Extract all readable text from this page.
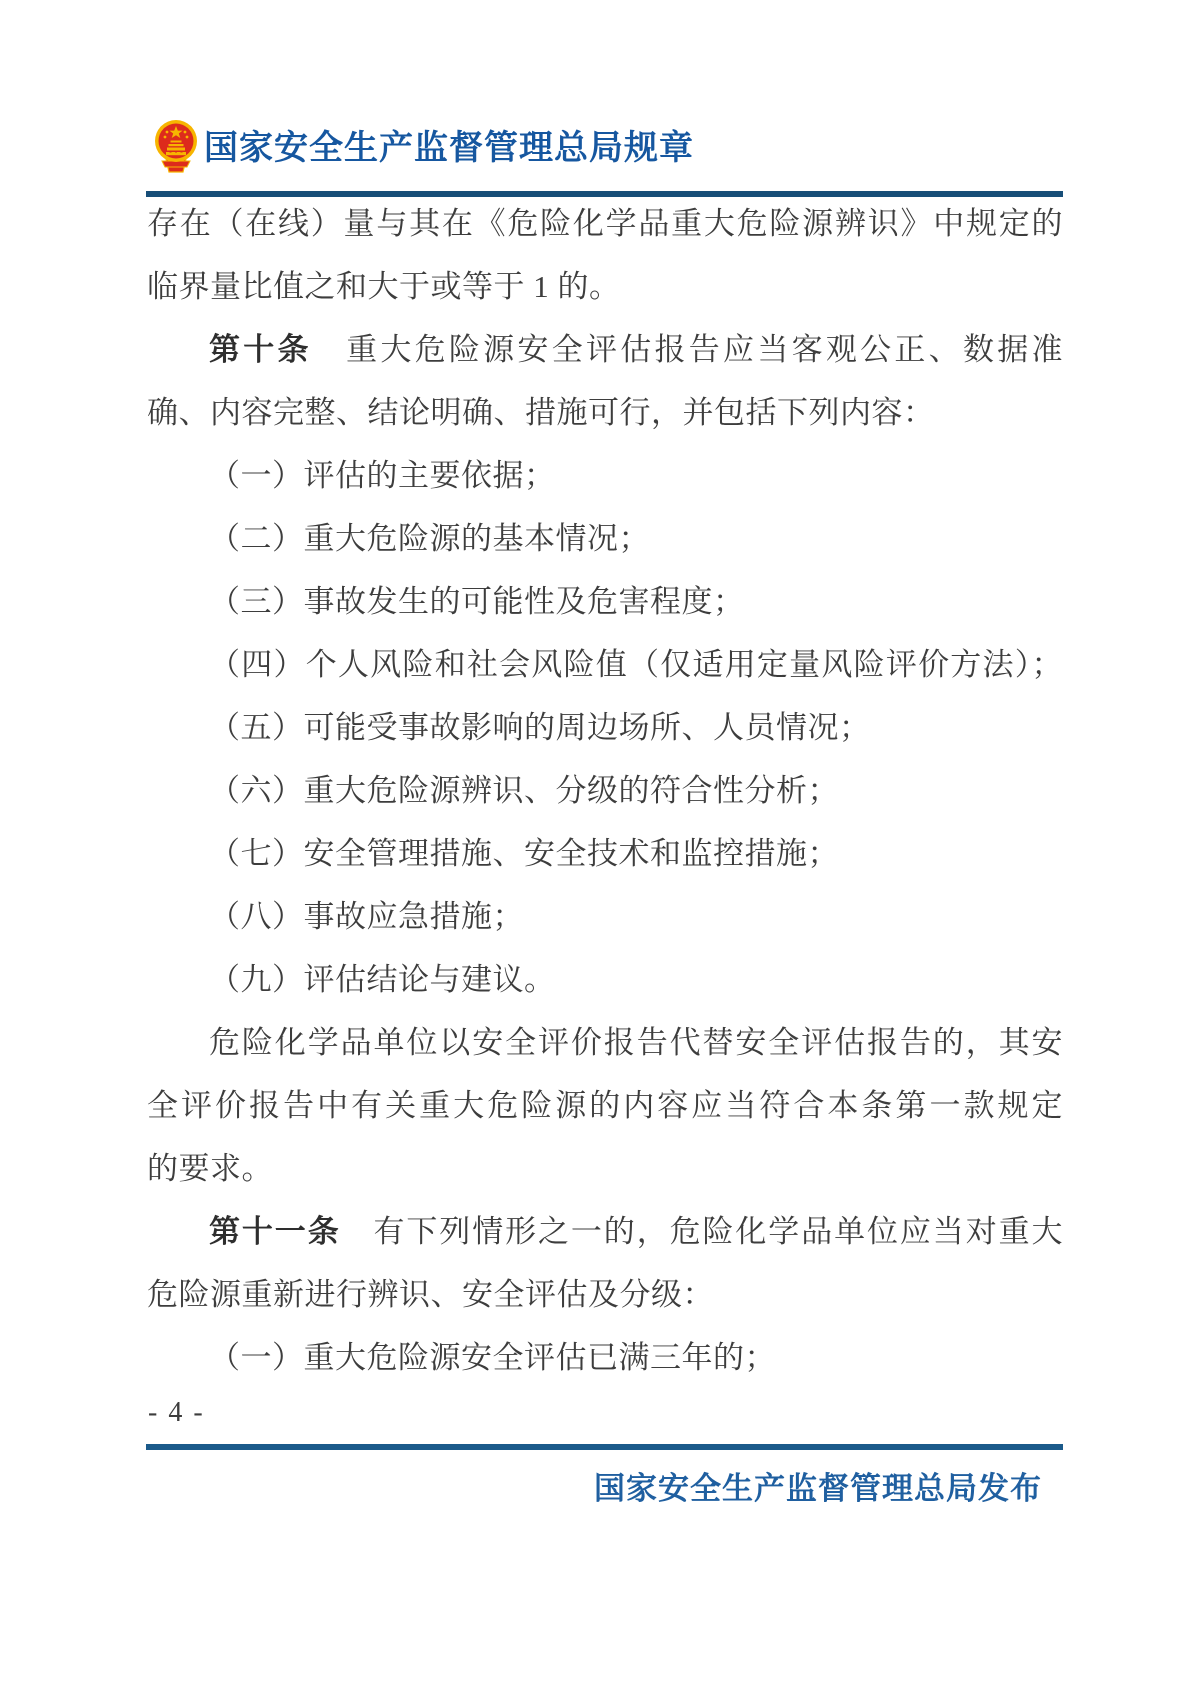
国家安全生产监督管理总局规章
存在（在线）量与其在《危险化学品重大危险源辨识》中规定的
临界量比值之和大于或等于 1 的。
第十条　重大危险源安全评估报告应当客观公正、数据准
确、内容完整、结论明确、措施可行，并包括下列内容：
（一）评估的主要依据；
（二）重大危险源的基本情况；
（三）事故发生的可能性及危害程度；
（四）个人风险和社会风险值（仅适用定量风险评价方法）；
（五）可能受事故影响的周边场所、人员情况；
（六）重大危险源辨识、分级的符合性分析；
（七）安全管理措施、安全技术和监控措施；
（八）事故应急措施；
（九）评估结论与建议。
危险化学品单位以安全评价报告代替安全评估报告的，其安
全评价报告中有关重大危险源的内容应当符合本条第一款规定
的要求。
第十一条　有下列情形之一的，危险化学品单位应当对重大
危险源重新进行辨识、安全评估及分级：
（一）重大危险源安全评估已满三年的；
- 4 -
国家安全生产监督管理总局发布
